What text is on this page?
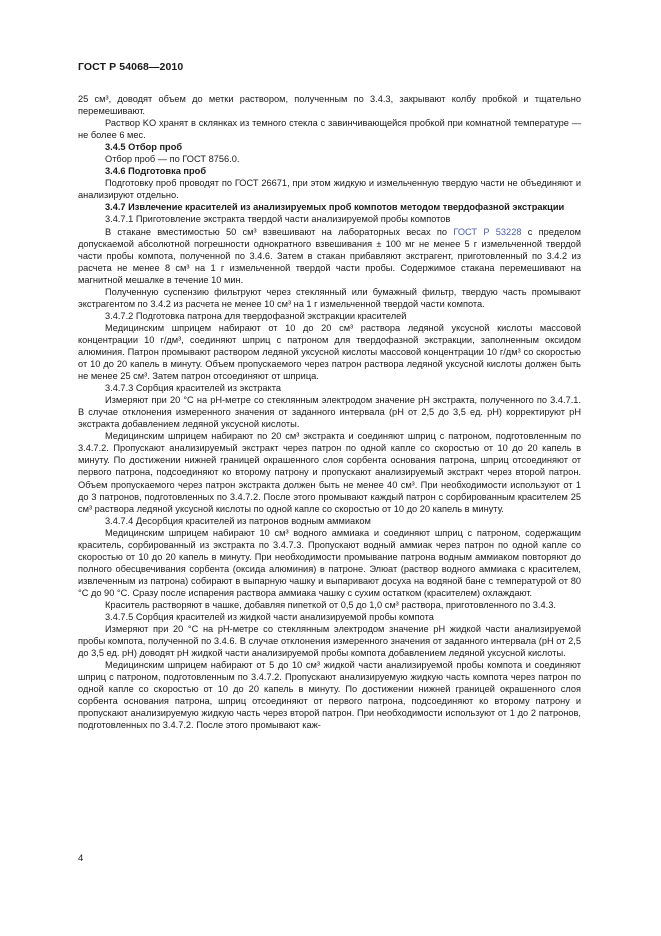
ГОСТ Р 54068—2010

25 см³, доводят объем до метки раствором, полученным по 3.4.3, закрывают колбу пробкой и тщательно перемешивают.

Раствор KO хранят в склянках из темного стекла с завинчивающейся пробкой при комнатной температуре — не более 6 мес.

3.4.5 Отбор проб

Отбор проб — по ГОСТ 8756.0.

3.4.6 Подготовка проб

Подготовку проб проводят по ГОСТ 26671, при этом жидкую и измельченную твердую части не объединяют и анализируют отдельно.

3.4.7 Извлечение красителей из анализируемых проб компотов методом твердофазной экстракции

3.4.7.1 Приготовление экстракта твердой части анализируемой пробы компотов

В стакане вместимостью 50 см³ взвешивают на лабораторных весах по ГОСТ Р 53228 с пределом допускаемой абсолютной погрешности однократного взвешивания ± 100 мг не менее 5 г измельченной твердой части пробы компота, полученной по 3.4.6. Затем в стакан прибавляют экстрагент, приготовленный по 3.4.2 из расчета не менее 8 см³ на 1 г измельченной твердой части пробы. Содержимое стакана перемешивают на магнитной мешалке в течение 10 мин.

Полученную суспензию фильтруют через стеклянный или бумажный фильтр, твердую часть промывают экстрагентом по 3.4.2 из расчета не менее 10 см³ на 1 г измельченной твердой части компота.

3.4.7.2 Подготовка патрона для твердофазной экстракции красителей

Медицинским шприцем набирают от 10 до 20 см³ раствора ледяной уксусной кислоты массовой концентрации 10 г/дм³, соединяют шприц с патроном для твердофазной экстракции, заполненным оксидом алюминия. Патрон промывают раствором ледяной уксусной кислоты массовой концентрации 10 г/дм³ со скоростью от 10 до 20 капель в минуту. Объем пропускаемого через патрон раствора ледяной уксусной кислоты должен быть не менее 25 см³. Затем патрон отсоединяют от шприца.

3.4.7.3 Сорбция красителей из экстракта

Измеряют при 20 °С на рН-метре со стеклянным электродом значение рН экстракта, полученного по 3.4.7.1. В случае отклонения измеренного значения от заданного интервала (рН от 2,5 до 3,5 ед. рН) корректируют рН экстракта добавлением ледяной уксусной кислоты.

Медицинским шприцем набирают по 20 см³ экстракта и соединяют шприц с патроном, подготовленным по 3.4.7.2. Пропускают анализируемый экстракт через патрон по одной капле со скоростью от 10 до 20 капель в минуту. По достижении нижней границей окрашенного слоя сорбента основания патрона, шприц отсоединяют от первого патрона, подсоединяют ко второму патрону и пропускают анализируемый экстракт через второй патрон. Объем пропускаемого через патрон экстракта должен быть не менее 40 см³. При необходимости используют от 1 до 3 патронов, подготовленных по 3.4.7.2. После этого промывают каждый патрон с сорбированным красителем 25 см³ раствора ледяной уксусной кислоты по одной капле со скоростью от 10 до 20 капель в минуту.

3.4.7.4 Десорбция красителей из патронов водным аммиаком

Медицинским шприцем набирают 10 см³ водного аммиака и соединяют шприц с патроном, содержащим краситель, сорбированный из экстракта по 3.4.7.3. Пропускают водный аммиак через патрон по одной капле со скоростью от 10 до 20 капель в минуту. При необходимости промывание патрона водным аммиаком повторяют до полного обесцвечивания сорбента (оксида алюминия) в патроне. Элюат (раствор водного аммиака с красителем, извлеченным из патрона) собирают в выпарную чашку и выпаривают досуха на водяной бане с температурой от 80 °С до 90 °С. Сразу после испарения раствора аммиака чашку с сухим остатком (красителем) охлаждают.

Краситель растворяют в чашке, добавляя пипеткой от 0,5 до 1,0 см³ раствора, приготовленного по 3.4.3.

3.4.7.5 Сорбция красителей из жидкой части анализируемой пробы компота

Измеряют при 20 °С на рН-метре со стеклянным электродом значение рН жидкой части анализируемой пробы компота, полученной по 3.4.6. В случае отклонения измеренного значения от заданного интервала (рН от 2,5 до 3,5 ед. рН) доводят рН жидкой части анализируемой пробы компота добавлением ледяной уксусной кислоты.

Медицинским шприцем набирают от 5 до 10 см³ жидкой части анализируемой пробы компота и соединяют шприц с патроном, подготовленным по 3.4.7.2. Пропускают анализируемую жидкую часть компота через патрон по одной капле со скоростью от 10 до 20 капель в минуту. По достижении нижней границей окрашенного слоя сорбента основания патрона, шприц отсоединяют от первого патрона, подсоединяют ко второму патрону и пропускают анализируемую жидкую часть через второй патрон. При необходимости используют от 1 до 2 патронов, подготовленных по 3.4.7.2. После этого промывают каж-

4
